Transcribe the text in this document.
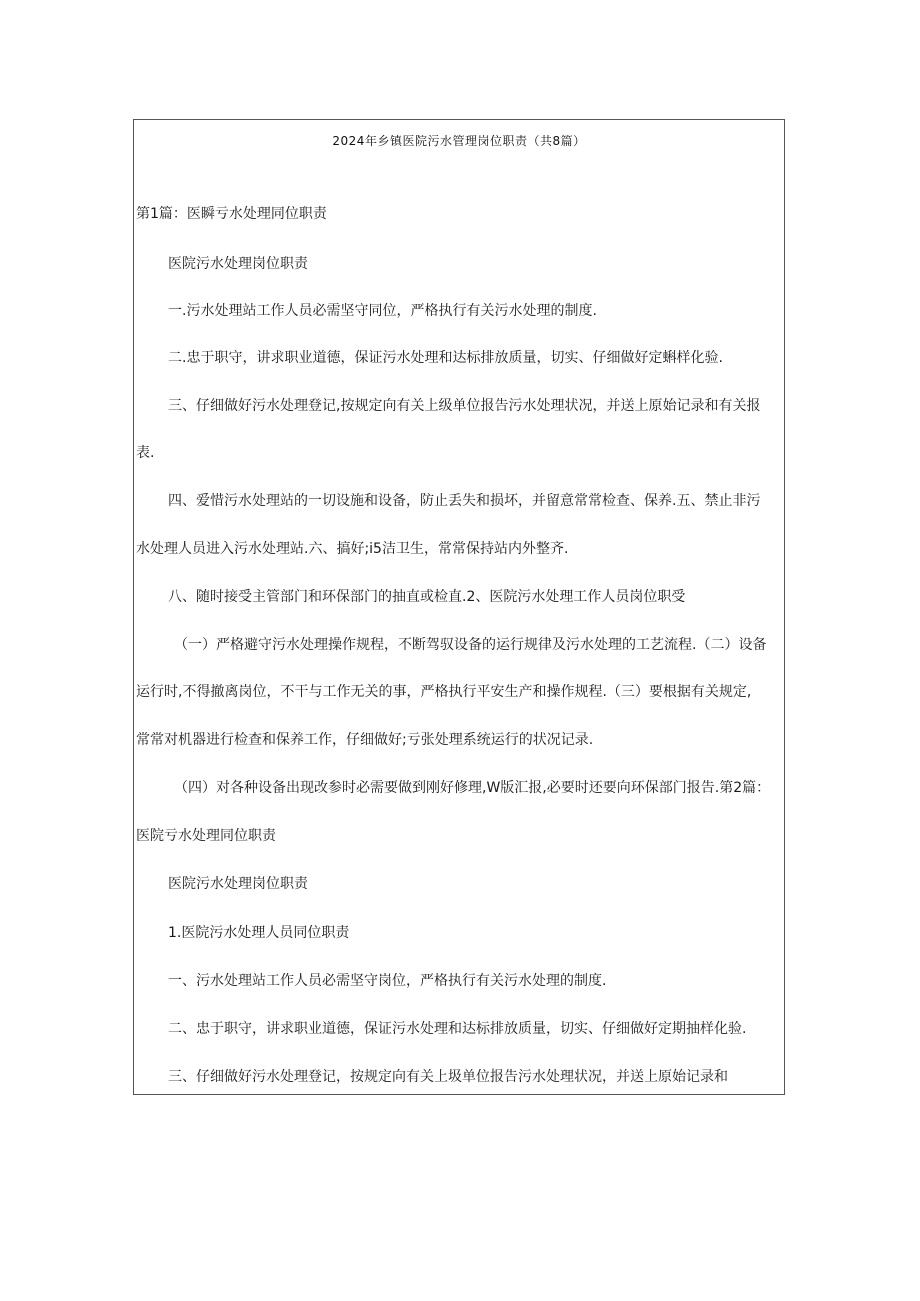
2024年乡镇医院污水管理岗位职责（共8篇）
第1篇：医瞬亏水处理同位职责
医院污水处理岗位职责
一.污水处理站工作人员必需坚守同位，严格执行有关污水处理的制度.
二.忠于职守，讲求职业道德，保证污水处理和达标排放质量，切实、仔细做好定蝌样化验.
三、仔细做好污水处理登记,按规定向有关上级单位报告污水处理状况，并送上原始记录和有关报
表.
四、爱惜污水处理站的一切设施和设备，防止丢失和损坏，并留意常常检查、保养.五、禁止非污
水处理人员进入污水处理站.六、搞好;i5洁卫生，常常保持站内外整齐.
八、随时接受主管部门和环保部门的抽直或检直.2、医院污水处理工作人员岗位职受
（一）严格避守污水处理操作规程，不断驾驭设备的运行规律及污水处理的工艺流程.（二）设备
运行时,不得撤离岗位，不干与工作无关的事，严格执行平安生产和操作规程.（三）要根据有关规定,
常常对机器进行检查和保养工作，仔细做好;亏张处理系统运行的状况记录.
（四）对各种设备出现改参时必需要做到刚好修理,W版汇报,必要时还要向环保部门报告.第2篇：
医院亏水处理同位职责
医院污水处理岗位职责
1.医院污水处理人员同位职责
一、污水处理站工作人员必需坚守岗位，严格执行有关污水处理的制度.
二、忠于职守，讲求职业道德，保证污水处理和达标排放质量，切实、仔细做好定期抽样化验.
三、仔细做好污水处理登记，按规定向有关上圾单位报告污水处理状况，并送上原始记录和
